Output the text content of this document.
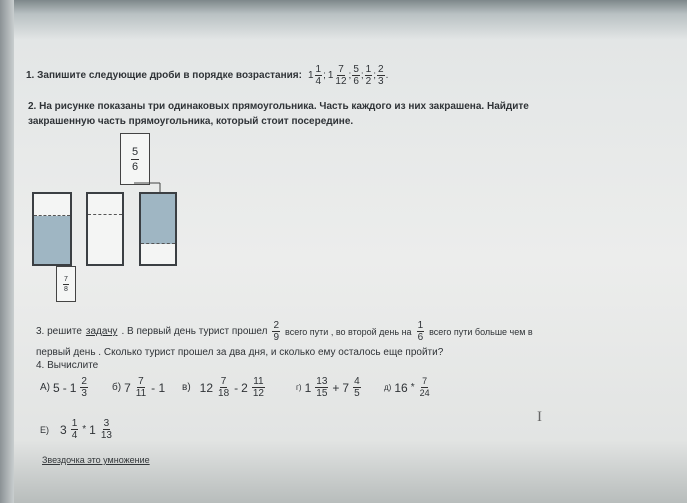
1. Запишите следующие дроби в порядке возрастания: $1 \frac{1}{4}$ ; $1 \frac{7}{12}$ ; $\frac{5}{6}$ ; $\frac{1}{2}$ ; $\frac{2}{3}$ .
2. На рисунке показаны три одинаковых прямоугольника. Часть каждого из них закрашена. Найдите
закрашенную часть прямоугольника, который стоит посередине.
$\frac{5}{6}$
$\frac{7}{8}$
3. решите задачу . В первый день турист прошел $\frac{2}{9}$ всего пути , во второй день на $\frac{1}{6}$ всего пути больше чем в
первый день . Сколько турист прошел за два дня, и сколько ему осталось еще пройти?
4. Вычислите
А) $5 - 1 \frac{2}{3} б$) $7 \frac{7}{11} - 1$ в) $12 \frac{7}{18} - 2 \frac{11}{12}$	г) $1 \frac{13}{15} + 7 \frac{4}{5}$	д) $16 * \frac{7}{24}$
Е) $3 \frac{1}{4} * 1 \frac{3}{13}$
Звездочка это умножение
I
